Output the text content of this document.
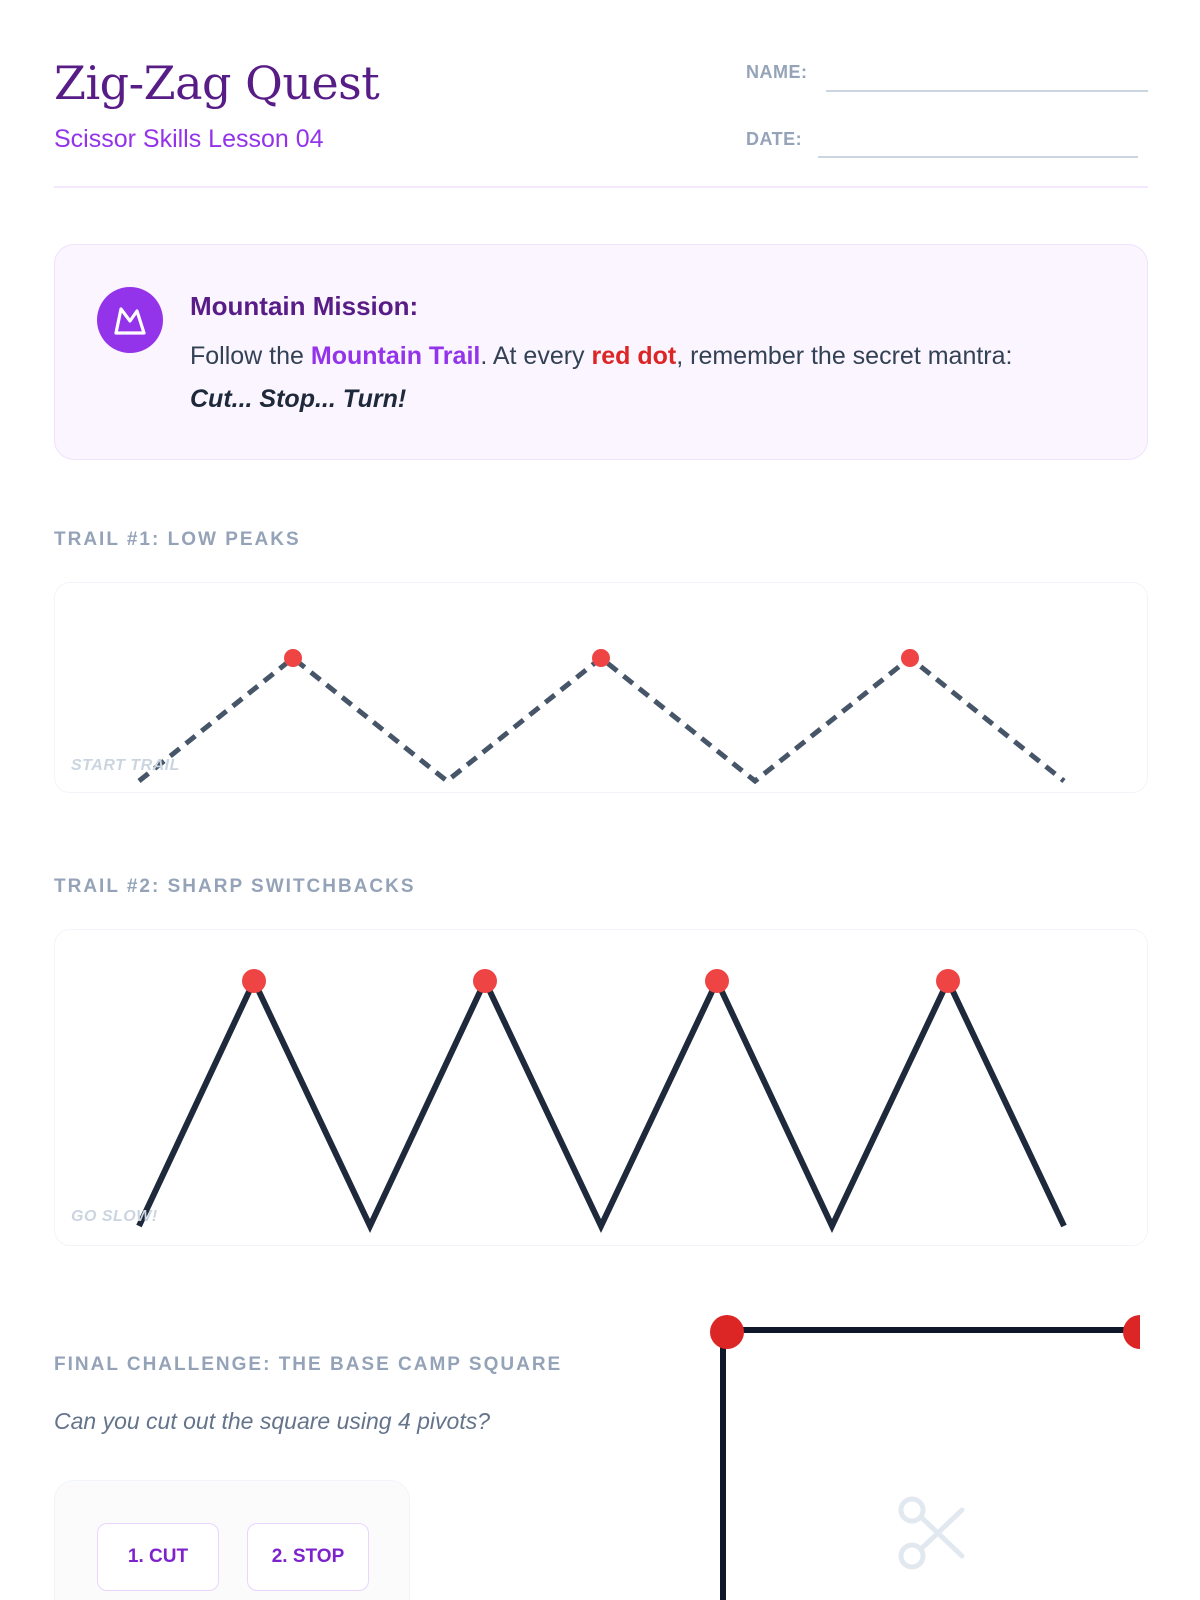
Zig-Zag Quest
Scissor Skills Lesson 04
NAME:
DATE:
Mountain Mission:
Follow the Mountain Trail. At every red dot, remember the secret mantra: Cut... Stop... Turn!
TRAIL #1: LOW PEAKS
START TRAIL
TRAIL #2: SHARP SWITCHBACKS
GO SLOW!
FINAL CHALLENGE: THE BASE CAMP SQUARE
Can you cut out the square using 4 pivots?
1. CUT	2. STOP
